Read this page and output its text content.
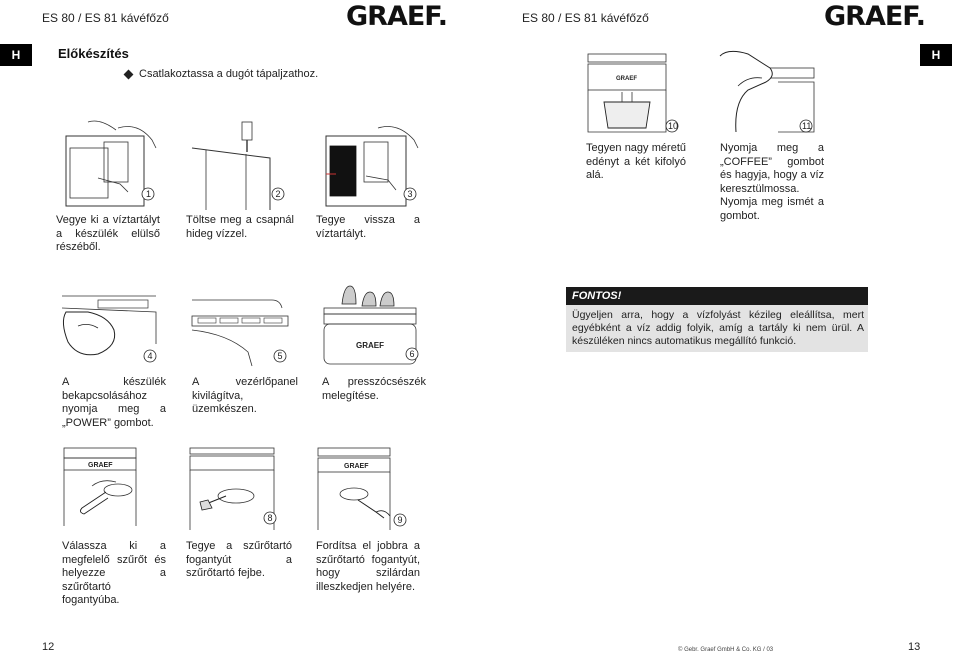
ES 80 / ES 81 kávéfőző	GRAEF.
H	Előkészítés
Csatlakoztassa a dugót tápaljzathoz.
1
Vegye ki a víztartályt a készülék elülső részéből.
2
Töltse meg a csapnál hideg vízzel.
3
Tegye vissza a víztartályt.
4
A készülék bekapcsolásához nyomja meg a „POWER” gombot.
5
A vezérlőpanel kivilágítva, üzemkészen.
GRAEF
6
A presszócsészék melegítése.
GRAEF
Válassza ki a megfelelő szűrőt és helyezze a szűrőtartó fogantyúba.
8
Tegye a szűrőtartó fogantyút a szűrőtartó fejbe.
GRAEF
9
Fordítsa el jobbra a szűrőtartó fogantyút, hogy szilárdan illeszkedjen helyére.
12
ES 80 / ES 81 kávéfőző	GRAEF.
H
GRAEF
10
Tegyen nagy méretű edényt a két kifolyó alá.
11
Nyomja meg a „COFFEE” gombot és hagyja, hogy a víz keresztülmossa. Nyomja meg ismét a gombot.
13
FONTOS!
Ügyeljen arra, hogy a vízfolyást kézileg eleállítsa, mert egyébként a víz addig folyik, amíg a tartály ki nem ürül. A készüléken nincs automatikus megállító funkció.
© Gebr. Graef GmbH & Co. KG / 03
